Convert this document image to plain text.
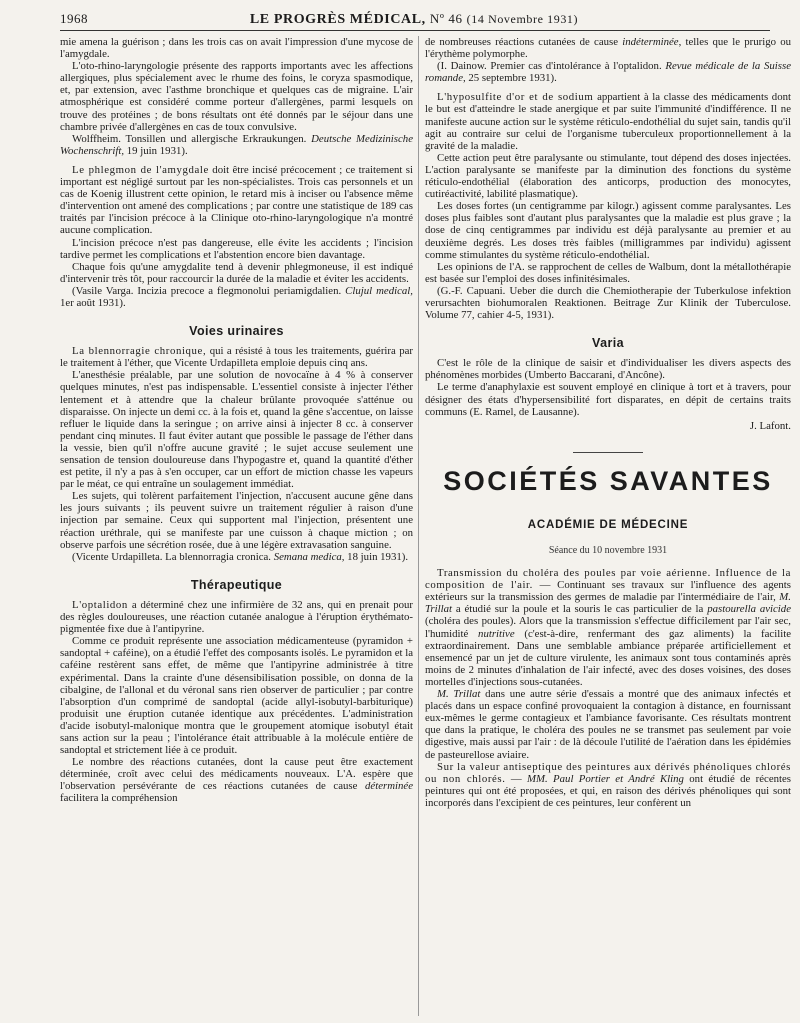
1968	LE PROGRÈS MÉDICAL, Nº 46 (14 Novembre 1931)

mie amena la guérison ; dans les trois cas on avait l'impression d'une mycose de l'amygdale.

L'oto-rhino-laryngologie présente des rapports importants avec les affections allergiques, plus spécialement avec le rhume des foins, le coryza spasmodique, et, par extension, avec l'asthme bronchique et quelques cas de migraine. L'air atmosphérique est considéré comme porteur d'allergènes, parmi lesquels on trouve des protéines ; de bons résultats ont été donnés par le séjour dans une chambre privée d'allergènes en cas de toux convulsive.

Wolffheim. Tonsillen und allergische Erkraukungen. Deutsche Medizinische Wochenschrift, 19 juin 1931).

Le phlegmon de l'amygdale doit être incisé précocement ; ce traitement si important est négligé surtout par les non-spécialistes. Trois cas personnels et un cas de Koenig illustrent cette opinion, le retard mis à inciser ou l'absence même d'intervention ont amené des complications ; par contre une statistique de 189 cas traités par l'incision précoce à la Clinique oto-rhino-laryngologique n'a montré aucune complication.

L'incision précoce n'est pas dangereuse, elle évite les accidents ; l'incision tardive permet les complications et l'abstention encore bien davantage.

Chaque fois qu'une amygdalite tend à devenir phlegmoneuse, il est indiqué d'intervenir très tôt, pour raccourcir la durée de la maladie et éviter les accidents.

(Vasile Varga. Incizia precoce a flegmonolui periamigdalien. Clujul medical, 1er août 1931).

Voies urinaires

La blennorragie chronique, qui a résisté à tous les traitements, guérira par le traitement à l'éther, que Vicente Urdapilleta emploie depuis cinq ans.

L'anesthésie préalable, par une solution de novocaïne à 4 % à conserver quelques minutes, n'est pas indispensable. L'essentiel consiste à injecter l'éther lentement et à attendre que la chaleur brûlante provoquée s'atténue ou disparaisse. On injecte un demi cc. à la fois et, quand la gêne s'accentue, on laisse refluer le liquide dans la seringue ; on arrive ainsi à injecter 8 cc. à conserver pendant cinq minutes. Il faut éviter autant que possible le passage de l'éther dans la vessie, bien qu'il n'offre aucune gravité ; le sujet accuse seulement une sensation de tension douloureuse dans l'hypogastre et, quand la quantité d'éther est petite, il n'y a pas à s'en occuper, car un effort de miction chasse les vapeurs par le méat, ce qui entraîne un soulagement immédiat.

Les sujets, qui tolèrent parfaitement l'injection, n'accusent aucune gêne dans les jours suivants ; ils peuvent suivre un traitement régulier à raison d'une injection par semaine. Ceux qui supportent mal l'injection, présentent une réaction uréthrale, qui se manifeste par une cuisson à chaque miction ; on observe parfois une sécrétion rosée, due à une légère extravasation sanguine.

(Vicente Urdapilleta. La blennorragia cronica. Semana medica, 18 juin 1931).

Thérapeutique

L'optalidon a déterminé chez une infirmière de 32 ans, qui en prenait pour des règles douloureuses, une réaction cutanée analogue à l'éruption érythémato-pigmentée fixe due à l'antipyrine.

Comme ce produit représente une association médicamenteuse (pyramidon + sandoptal + caféine), on a étudié l'effet des composants isolés. Le pyramidon et la caféine restèrent sans effet, de même que l'antipyrine administrée à titre expérimental. Dans la crainte d'une désensibilisation possible, on donna de la cibalgine, de l'allonal et du véronal sans rien observer de particulier ; par contre l'absorption d'un comprimé de sandoptal (acide allyl-isobutyl-barbiturique) produisit une éruption cutanée identique aux précédentes. L'administration d'acide isobutyl-malonique montra que le groupement atomique isobutyl était sans action sur la peau ; l'intolérance était attribuable à la molécule entière de sandoptal et strictement liée à ce produit.

Le nombre des réactions cutanées, dont la cause peut être exactement déterminée, croît avec celui des médicaments nouveaux. L'A. espère que l'observation persévérante de ces réactions cutanées de cause déterminée facilitera la compréhension

de nombreuses réactions cutanées de cause indéterminée, telles que le prurigo ou l'érythème polymorphe.

(I. Dainow. Premier cas d'intolérance à l'optalidon. Revue médicale de la Suisse romande, 25 septembre 1931).

L'hyposulfite d'or et de sodium appartient à la classe des médicaments dont le but est d'atteindre le stade anergique et par suite l'immunité d'indifférence. Il ne manifeste aucune action sur le système réticulo-endothélial du sujet sain, tandis qu'il agit au contraire sur celui de l'organisme tuberculeux proportionnellement à la gravité de la maladie.

Cette action peut être paralysante ou stimulante, tout dépend des doses injectées. L'action paralysante se manifeste par la diminution des fonctions du système réticulo-endothélial (élaboration des anticorps, production des monocytes, cutiréactivité, labilité plasmatique).

Les doses fortes (un centigramme par kilogr.) agissent comme paralysantes. Les doses plus faibles sont d'autant plus paralysantes que la maladie est plus grave ; la dose de cinq centigrammes par individu est déjà paralysante au premier et au deuxième degrés. Les doses très faibles (milligrammes par individu) agissent comme stimulantes du système réticulo-endothélial.

Les opinions de l'A. se rapprochent de celles de Walbum, dont la métallothérapie est basée sur l'emploi des doses infinitésimales.

(G.-F. Capuani. Ueber die durch die Chemiotherapie der Tuberkulose infektion verursachten biohumoralen Reaktionen. Beitrage Zur Klinik der Tuberculose. Volume 77, cahier 4-5, 1931).

Varia

C'est le rôle de la clinique de saisir et d'individualiser les divers aspects des phénomènes morbides (Umberto Baccarani, d'Ancône).

Le terme d'anaphylaxie est souvent employé en clinique à tort et à travers, pour désigner des états d'hypersensibilité fort disparates, en dépit de certains traits communs (E. Ramel, de Lausanne).

J. Lafont.
SOCIÉTÉS SAVANTES
ACADÉMIE DE MÉDECINE
Séance du 10 novembre 1931

Transmission du choléra des poules par voie aérienne. Influence de la composition de l'air. — Continuant ses travaux sur l'influence des agents extérieurs sur la transmission des germes de maladie par l'intermédiaire de l'air, M. Trillat a étudié sur la poule et la souris le cas particulier de la pastourella avicide (choléra des poules). Alors que la transmission s'effectue difficilement par l'air sec, l'humidité nutritive (c'est-à-dire, renfermant des gaz aliments) la facilite extraordinairement. Dans une semblable ambiance préparée artificiellement et ensemencé par un jet de culture virulente, les animaux sont tous contaminés après moins de 2 minutes d'inhalation de l'air infecté, avec des doses voisines, des doses mortelles d'injections sous-cutanées.

M. Trillat dans une autre série d'essais a montré que des animaux infectés et placés dans un espace confiné provoquaient la contagion à distance, en fournissant eux-mêmes le germe contagieux et l'ambiance favorisante. Ces résultats montrent que dans la pratique, le choléra des poules ne se transmet pas seulement par voie digestive, mais aussi par l'air : de là découle l'utilité de l'aération dans les épidémies de pasteurellose aviaire.

Sur la valeur antiseptique des peintures aux dérivés phénoliques chlorés ou non chlorés. — MM. Paul Portier et André Kling ont étudié de récentes peintures qui ont été proposées, et qui, en raison des dérivés phénoliques qui sont incorporés dans l'excipient de ces peintures, leur confèrent un
